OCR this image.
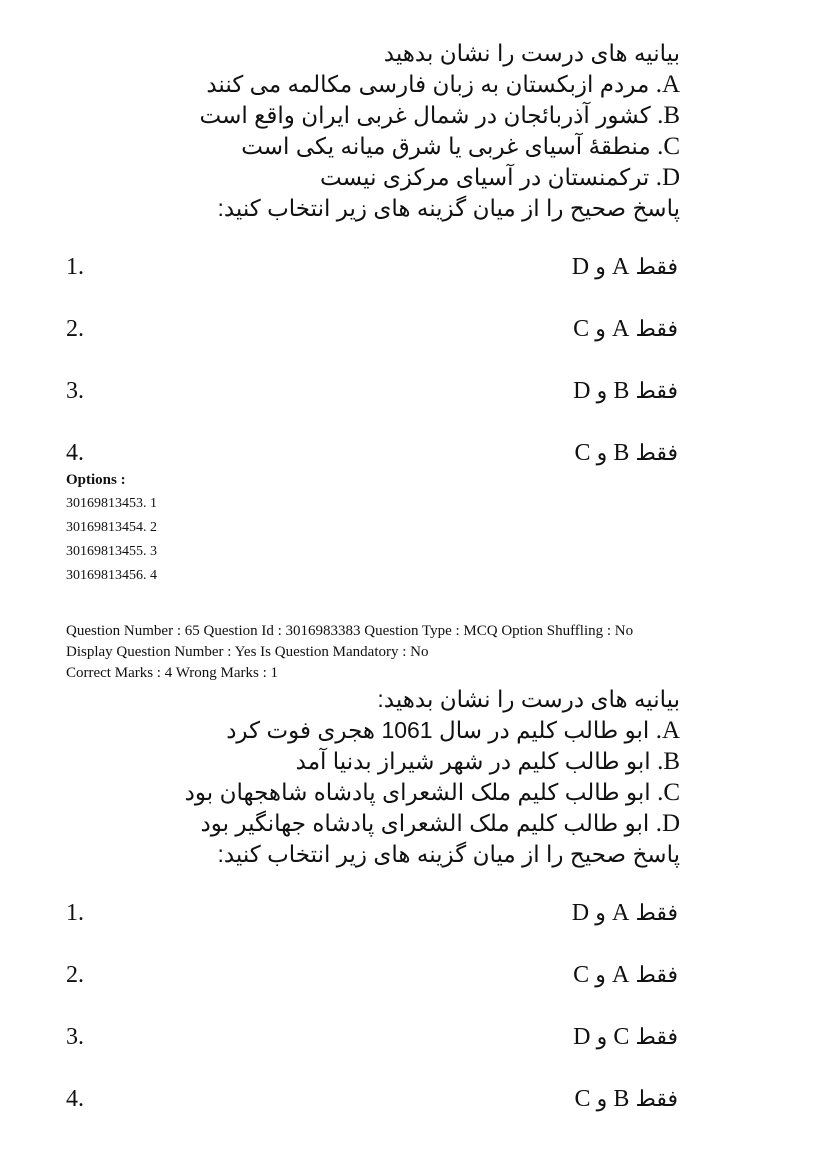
بیانیه های درست را نشان بدهید
A. مردم ازبکستان به زبان فارسی مکالمه می کنند
B. کشور آذربائجان در شمال غربی ایران واقع است
C. منطقهٔ آسیای غربی یا شرق میانه یکی است
D. ترکمنستان در آسیای مرکزی نیست
پاسخ صحیح را از میان گزینه های زیر انتخاب کنید:
1.	فقط A و D
2.	فقط A و C
3.	فقط B و D
4.	فقط B و C
Options :
30169813453. 1
30169813454. 2
30169813455. 3
30169813456. 4
Question Number : 65 Question Id : 3016983383 Question Type : MCQ Option Shuffling : No
Display Question Number : Yes Is Question Mandatory : No
Correct Marks : 4 Wrong Marks : 1
بیانیه های درست را نشان بدهید:
A. ابو طالب کلیم در سال 1061 هجری فوت کرد
B. ابو طالب کلیم در شهر شیراز بدنیا آمد
C. ابو طالب کلیم ملک الشعرای پادشاه شاهجهان بود
D. ابو طالب کلیم ملک الشعرای پادشاه جهانگیر بود
پاسخ صحیح را از میان گزینه های زیر انتخاب کنید:
1.	فقط A و D
2.	فقط A و C
3.	فقط C و D
4.	فقط B و C
